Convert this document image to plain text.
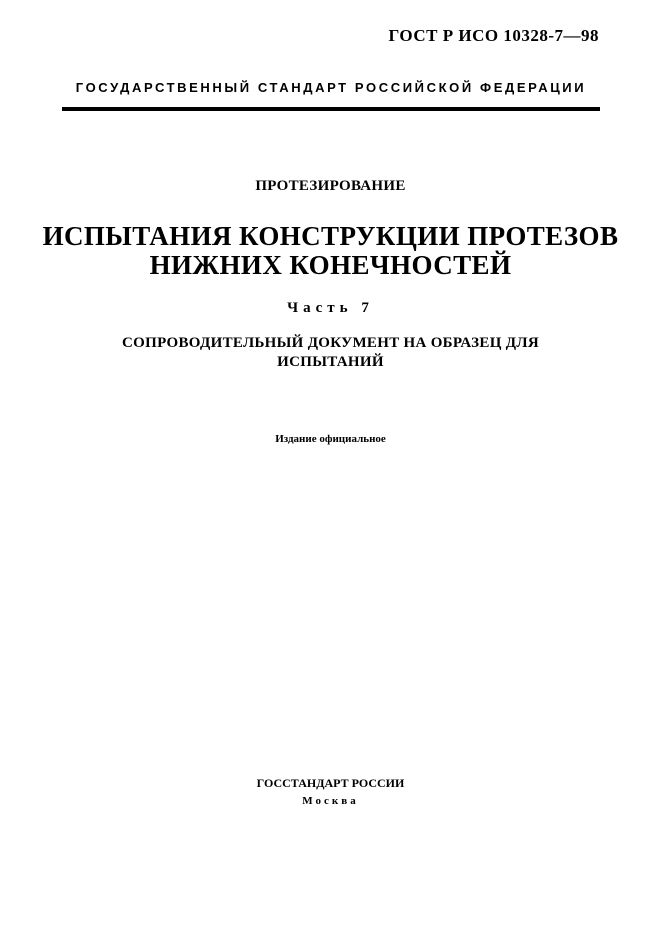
ГОСТ Р ИСО 10328-7—98
ГОСУДАРСТВЕННЫЙ СТАНДАРТ РОССИЙСКОЙ ФЕДЕРАЦИИ
ПРОТЕЗИРОВАНИЕ
ИСПЫТАНИЯ КОНСТРУКЦИИ ПРОТЕЗОВ
НИЖНИХ КОНЕЧНОСТЕЙ
Часть 7
СОПРОВОДИТЕЛЬНЫЙ ДОКУМЕНТ НА ОБРАЗЕЦ ДЛЯ
ИСПЫТАНИЙ
Издание официальное
ГОССТАНДАРТ РОССИИ
Москва
